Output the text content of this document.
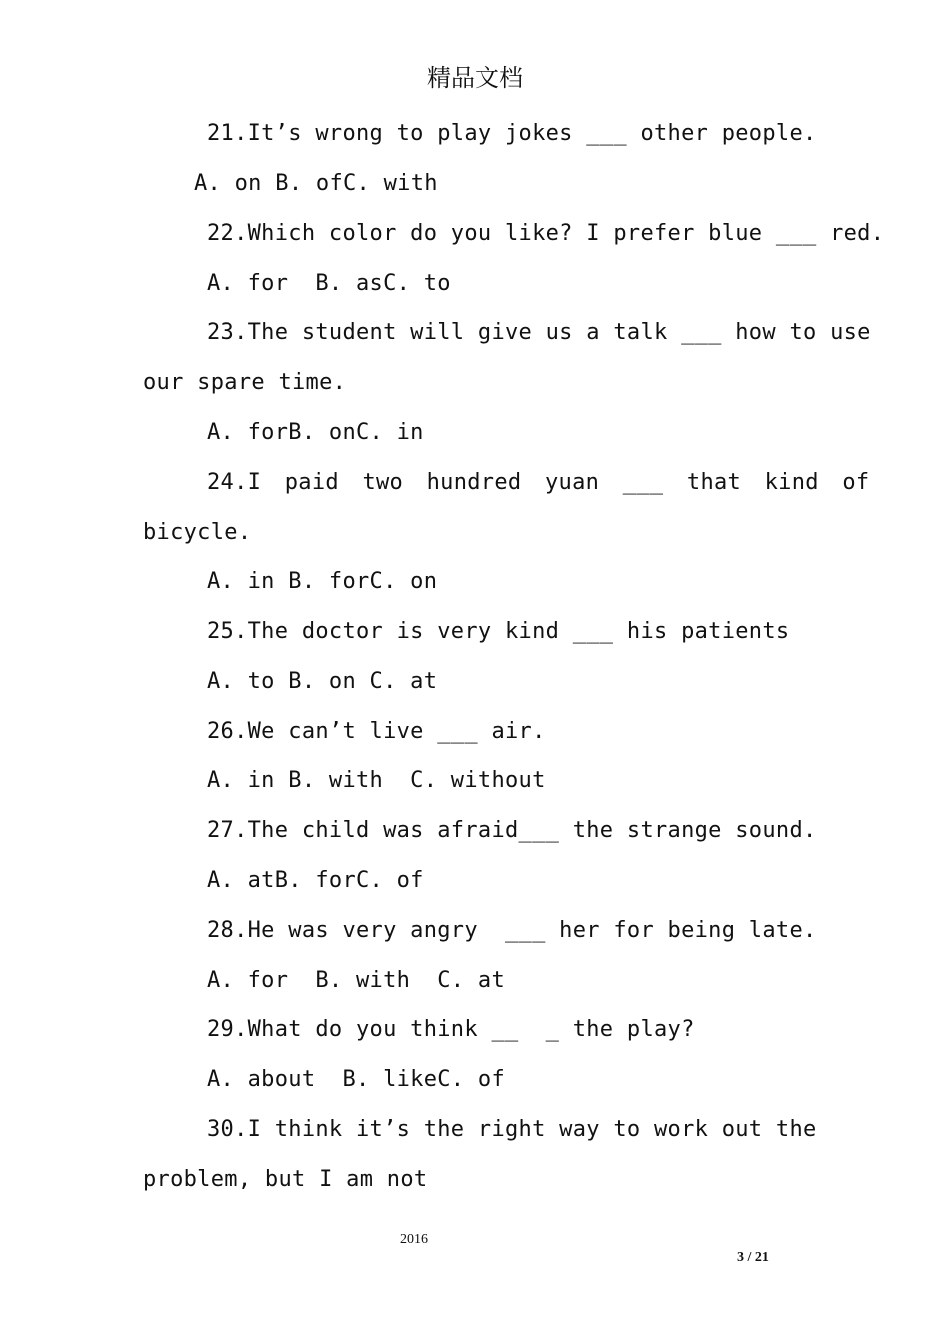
精品文档
21.It’s wrong to play jokes ___ other people.
A. on B. ofC. with
22.Which color do you like? I prefer blue ___ red.
A. for  B. asC. to
23.The student will give us a talk ___ how to use
our spare time.
A. forB. onC. in
24.I paid two hundred yuan ___ that kind of
bicycle.
A. in B. forC. on
25.The doctor is very kind ___ his patients
A. to B. on C. at
26.We can’t live ___ air.
A. in B. with  C. without
27.The child was afraid___ the strange sound.
A. atB. forC. of
28.He was very angry  ___ her for being late.
A. for  B. with  C. at
29.What do you think __  _ the play?
A. about  B. likeC. of
30.I think it’s the right way to work out the
problem, but I am not
2016
3 / 21
